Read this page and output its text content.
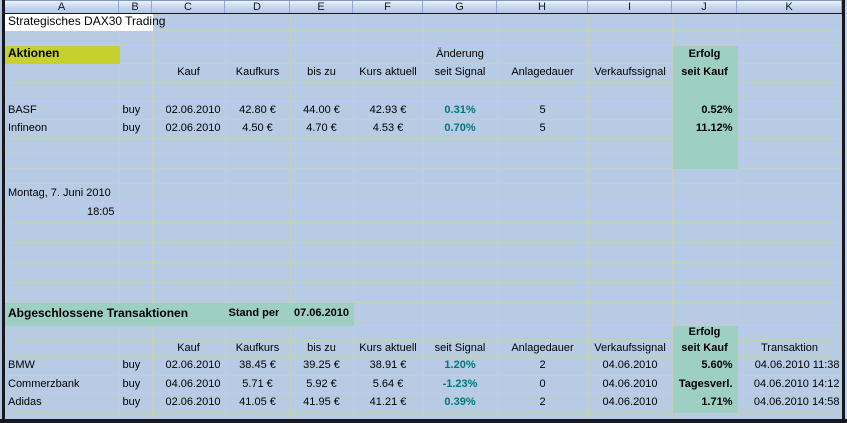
A	B	C	D	E	F	G	H	I	J	K
Strategisches DAX30 Trading										

Aktionen						Änderung			Erfolg	
		Kauf	Kaufkurs	bis zu	Kurs aktuell	seit Signal	Anlagedauer	Verkaufssignal	seit Kauf	

BASF	buy	02.06.2010	42.80 €	44.00 €	42.93 €	0.31%	5		0.52%	
Infineon	buy	02.06.2010	4.50 €	4.70 €	4.53 €	0.70%	5		11.12%	

Montag, 7. Juni 2010										
18:05										

Abgeschlossene Transaktionen			Stand per	07.06.2010						
									Erfolg	
		Kauf	Kaufkurs	bis zu	Kurs aktuell	seit Signal	Anlagedauer	Verkaufssignal	seit Kauf	Transaktion
BMW	buy	02.06.2010	38.45 €	39.25 €	38.91 €	1.20%	2	04.06.2010	5.60%	04.06.2010 11:38
Commerzbank	buy	04.06.2010	5.71 €	5.92 €	5.64 €	-1.23%	0	04.06.2010	Tagesverl.	04.06.2010 14:12
Adidas	buy	02.06.2010	41.05 €	41.95 €	41.21 €	0.39%	2	04.06.2010	1.71%	04.06.2010 14:58
